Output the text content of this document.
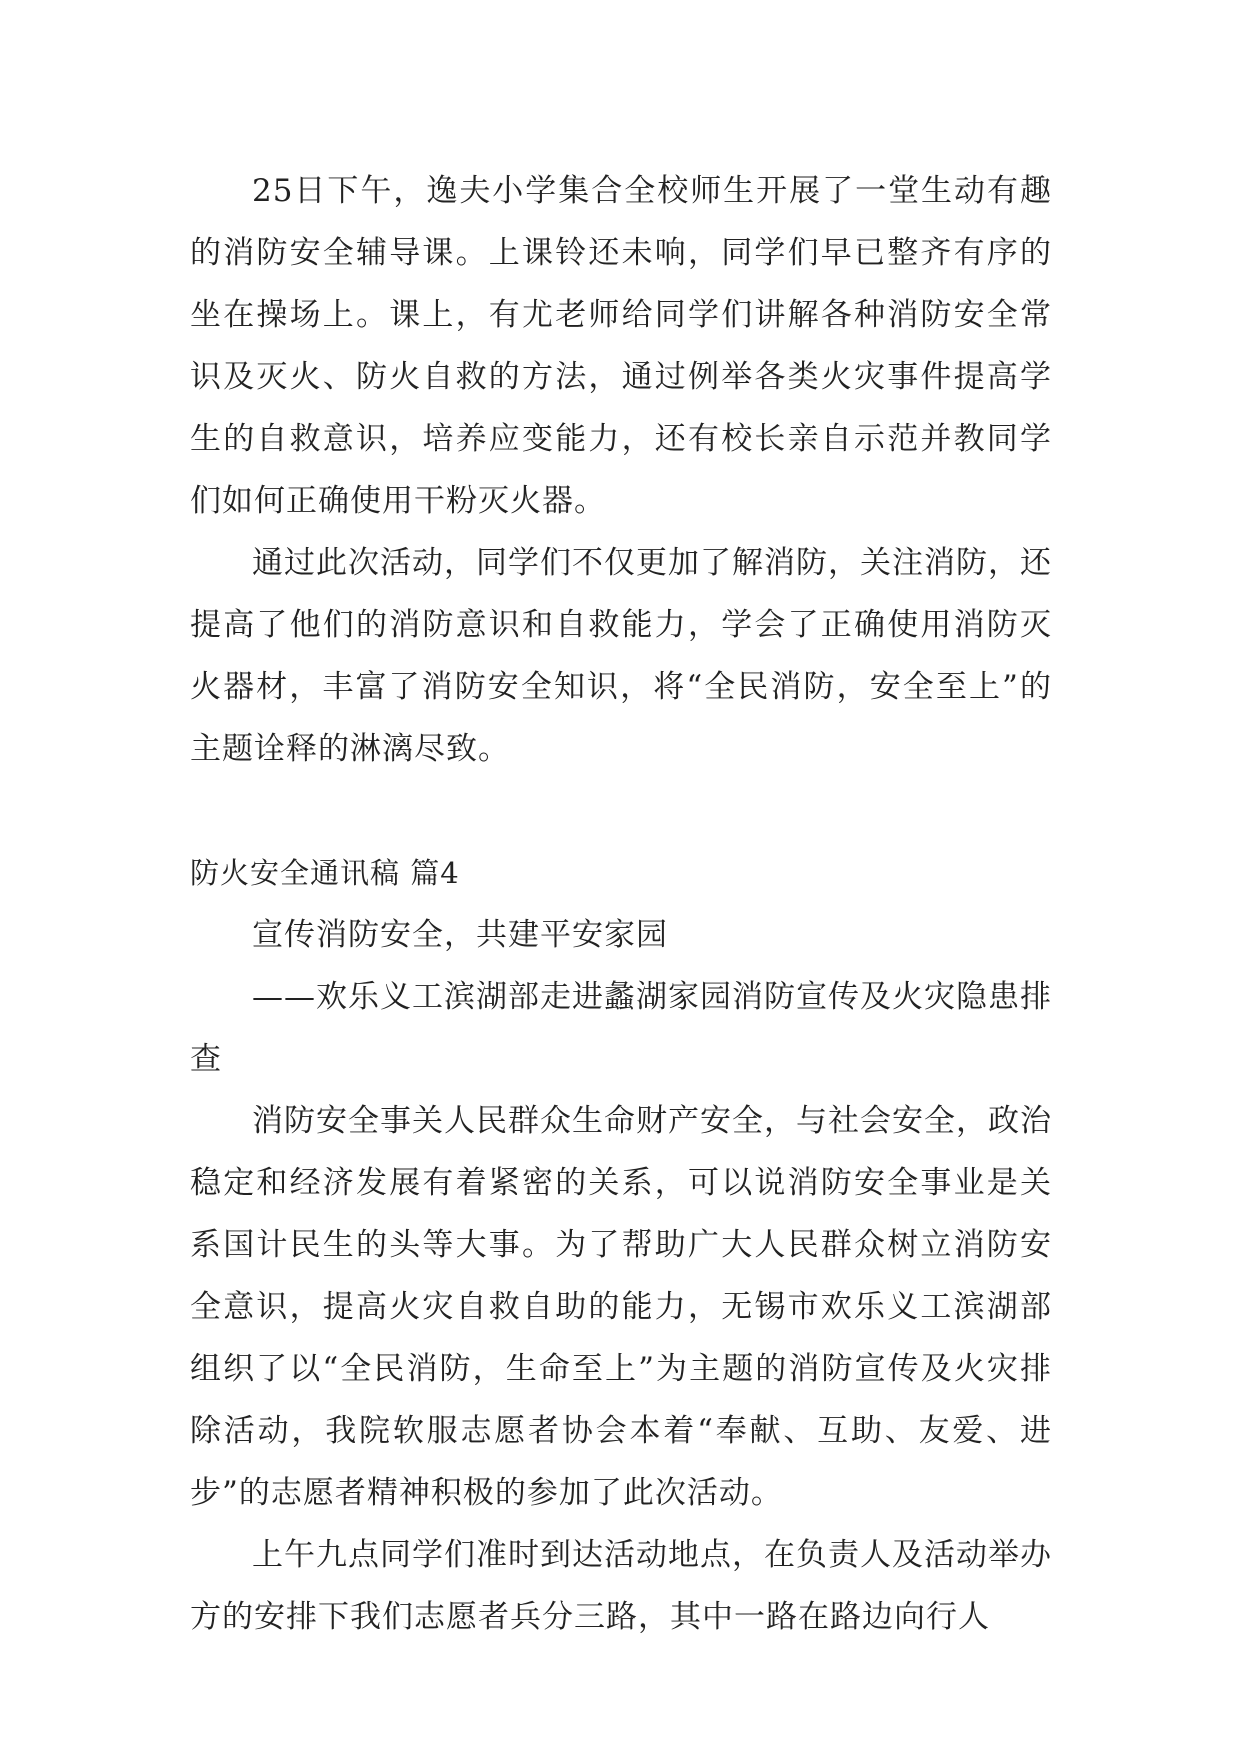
25日下午，逸夫小学集合全校师生开展了一堂生动有趣的消防安全辅导课。上课铃还未响，同学们早已整齐有序的坐在操场上。课上，有尤老师给同学们讲解各种消防安全常识及灭火、防火自救的方法，通过例举各类火灾事件提高学生的自救意识，培养应变能力，还有校长亲自示范并教同学们如何正确使用干粉灭火器。

通过此次活动，同学们不仅更加了解消防，关注消防，还提高了他们的消防意识和自救能力，学会了正确使用消防灭火器材，丰富了消防安全知识，将“全民消防，安全至上”的主题诠释的淋漓尽致。

防火安全通讯稿 篇4

宣传消防安全，共建平安家园

——欢乐义工滨湖部走进蠡湖家园消防宣传及火灾隐患排查

消防安全事关人民群众生命财产安全，与社会安全，政治稳定和经济发展有着紧密的关系，可以说消防安全事业是关系国计民生的头等大事。为了帮助广大人民群众树立消防安全意识，提高火灾自救自助的能力，无锡市欢乐义工滨湖部组织了以“全民消防，生命至上”为主题的消防宣传及火灾排除活动，我院软服志愿者协会本着“奉献、互助、友爱、进步”的志愿者精神积极的参加了此次活动。

上午九点同学们准时到达活动地点，在负责人及活动举办方的安排下我们志愿者兵分三路，其中一路在路边向行人
